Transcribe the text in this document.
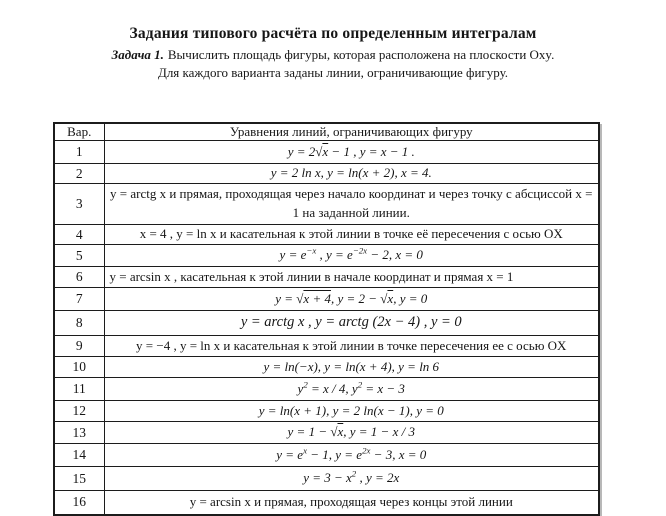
Задания типового расчёта по определенным интегралам
Задача 1. Вычислить площадь фигуры, которая расположена на плоскости Oxy.
Для каждого варианта заданы линии, ограничивающие фигуру.
Вар.	Уравнения линий, ограничивающих фигуру
1	y = 2√x − 1 , y = x − 1 .
2	y = 2 ln x, y = ln(x + 2), x = 4.
3	y = arctg x и прямая, проходящая через начало координат и через точку с абсциссой x = 1 на заданной линии.
4	x = 4 , y = ln x и касательная к этой линии в точке её пересечения с осью OX
5	$y = e^{-x}$ , $y = e^{-2x} - 2$, x = 0
6	y = arcsin x , касательная к этой линии в начале координат и прямая x = 1
7	y = √x + 4, y = 2 − √x, y = 0
8	y = arctg x , y = arctg (2x − 4) , y = 0
9	y = −4 , y = ln x и касательная к этой линии в точке пересечения ее с осью OX
10	y = ln(−x), y = ln(x + 4), y = ln 6
11	$y^2 = x / 4$, $y^2 = x - 3$
12	y = ln(x + 1), y = 2 ln(x − 1), y = 0
13	y = 1 − √x, y = 1 − x / 3
14	$y = e^x - 1$, $y = e^{2x} - 3$, x = 0
15	$y = 3 - x^2$ , y = 2x
16	y = arcsin x и прямая, проходящая через концы этой линии
